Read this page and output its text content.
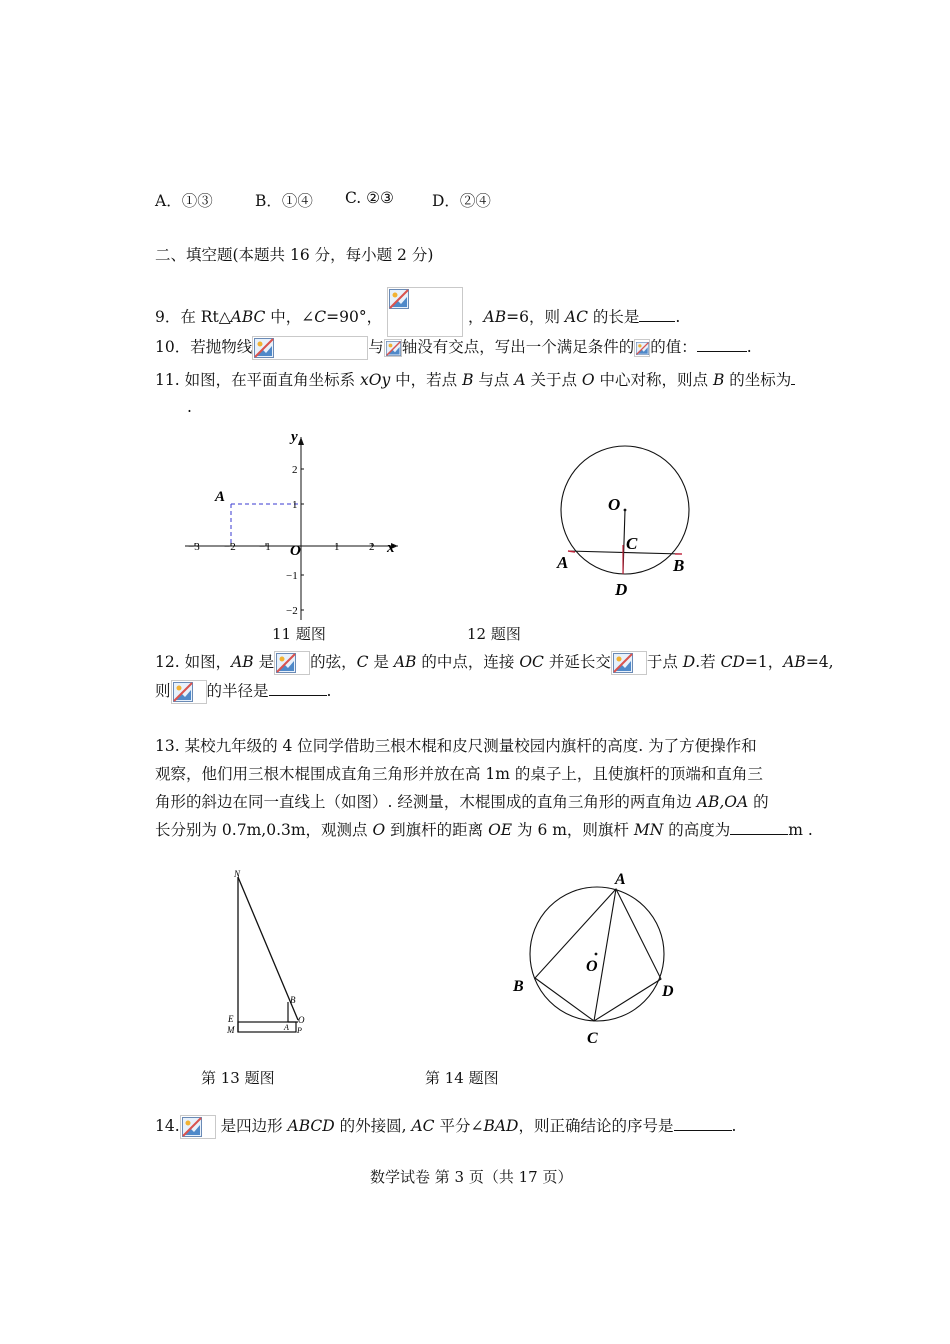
A．①③	B．①④ C. ②③ D．②④
二、填空题(本题共 16 分，每小题 2 分)
9．在 Rt△ABC 中，∠C=90°，	，AB=6，则 AC 的长是 .
10．若抛物线	与 轴没有交点，写出一个满足条件的 的值：	.
11. 如图，在平面直角坐标系 xOy 中，若点 B 与点 A 关于点 O 中心对称，则点 B 的坐标为
.
−3 −2 −1	1	2
2
1
−1
−2
y
x
O
A	O
C
A	B
D
11 题图	12 题图
12. 如图，AB 是 的弦，C 是 AB 的中点，连接 OC 并延长交 于点 D.若 CD=1，AB=4,
则 的半径是	.
13. 某校九年级的 4 位同学借助三根木棍和皮尺测量校园内旗杆的高度. 为了方便操作和
观察，他们用三根木棍围成直角三角形并放在高 1m 的桌子上，且使旗杆的顶端和直角三
角形的斜边在同一直线上（如图）. 经测量，木棍围成的直角三角形的两直角边 AB,OA 的
长分别为 0.7m,0.3m，观测点 O 到旗杆的距离 OE 为 6 m，则旗杆 MN 的高度为	m .
N
B
E
M	A
O
P
A
O
B	D
C
第 13 题图	第 14 题图
14.
是四边形 ABCD 的外接圆, AC 平分∠BAD，则正确结论的序号是	.
数学试卷 第 3 页（共 17 页）
